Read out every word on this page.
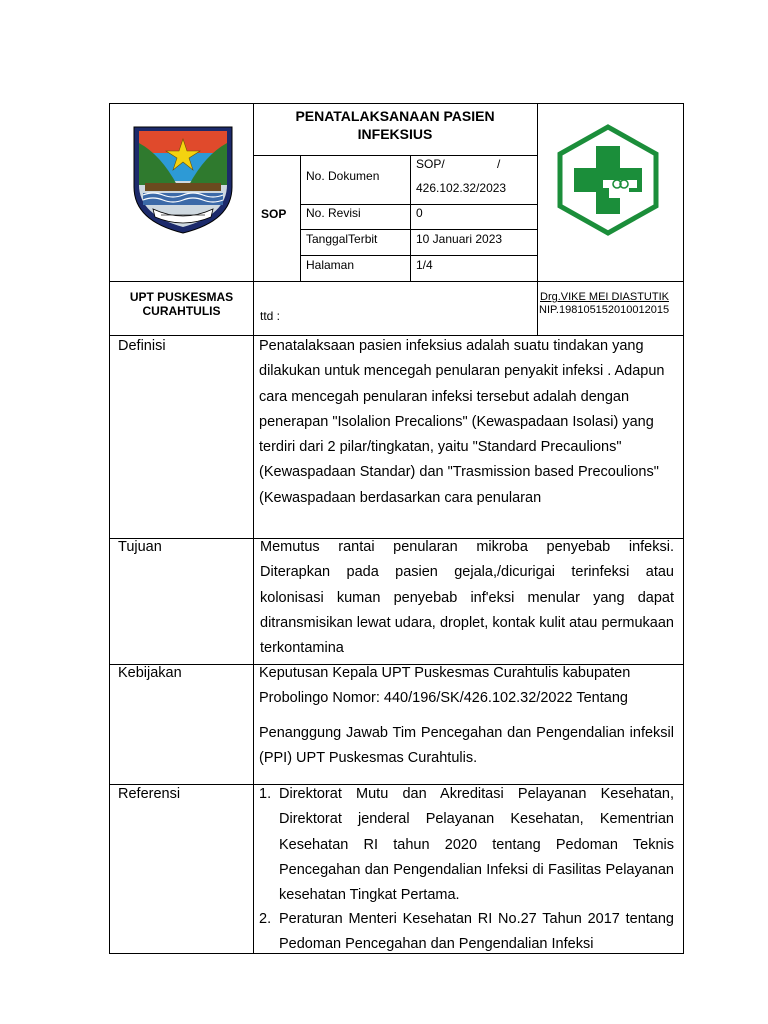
PENATALAKSANAAN PASIEN INFEKSIUS
SOP
No. Dokumen
SOP/	/
426.102.32/2023
No. Revisi	0
TanggalTerbit	10 Januari 2023
Halaman	1/4
UPT PUSKESMAS
CURAHTULIS	ttd :
Drg.VIKE MEI DIASTUTIK
NIP.198105152010012015
Definisi	Penatalaksaan pasien infeksius adalah suatu tindakan yang dilakukan untuk mencegah penularan penyakit infeksi . Adapun cara mencegah penularan infeksi tersebut adalah dengan penerapan "Isolalion Precalions" (Kewaspadaan Isolasi) yang terdiri dari 2 pilar/tingkatan, yaitu "Standard Precaulions" (Kewaspadaan Standar) dan "Trasmission based Precoulions" (Kewaspadaan berdasarkan cara penularan
Tujuan	Memutus rantai penularan mikroba penyebab infeksi. Diterapkan pada pasien gejala,/dicurigai terinfeksi atau kolonisasi kuman penyebab inf'eksi menular yang dapat ditransmisikan lewat udara, droplet, kontak kulit atau permukaan terkontamina
Kebijakan	Keputusan Kepala UPT Puskesmas Curahtulis kabupaten Probolingo Nomor: 440/196/SK/426.102.32/2022 Tentang
Penanggung Jawab Tim Pencegahan dan Pengendalian infeksil (PPI) UPT Puskesmas Curahtulis.
Referensi	1. Direktorat Mutu dan Akreditasi Pelayanan Kesehatan, Direktorat jenderal Pelayanan Kesehatan, Kementrian Kesehatan RI tahun 2020 tentang Pedoman Teknis Pencegahan dan Pengendalian Infeksi di Fasilitas Pelayanan kesehatan Tingkat Pertama.
2. Peraturan Menteri Kesehatan RI No.27 Tahun 2017 tentang Pedoman Pencegahan dan Pengendalian Infeksi
